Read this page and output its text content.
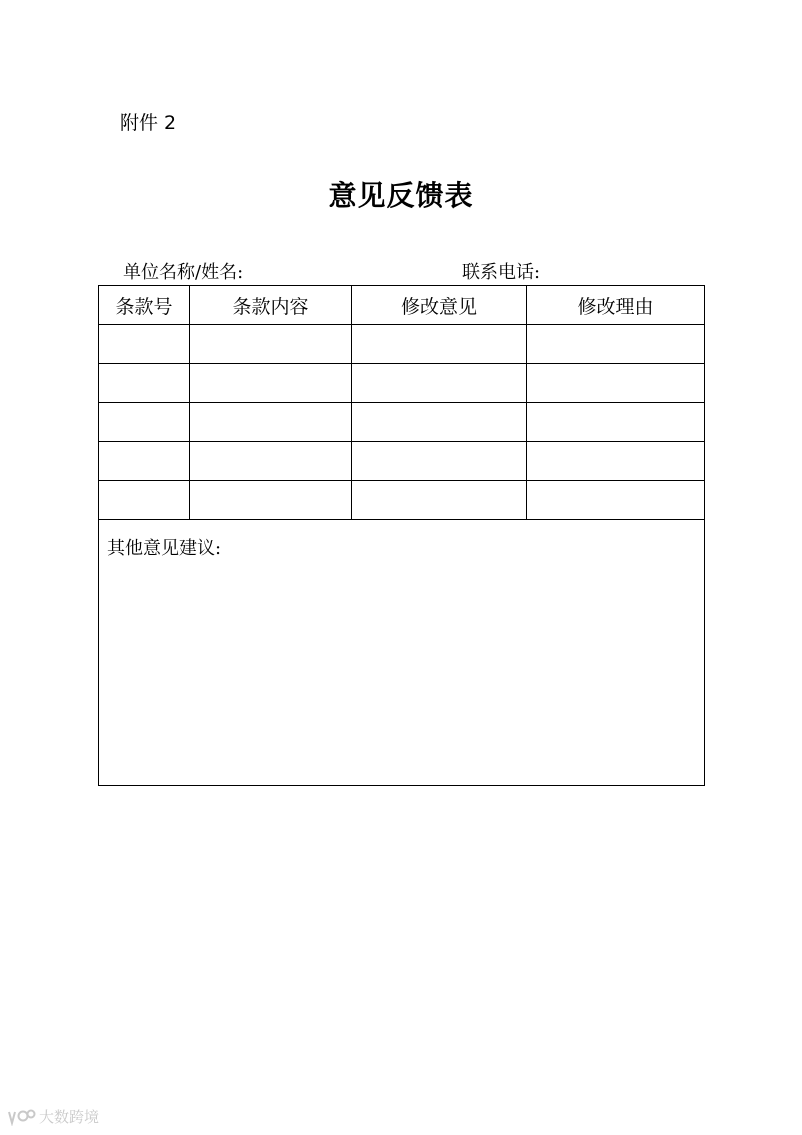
附件 2
意见反馈表
单位名称/姓名:	联系电话:
条款号	条款内容	修改意见	修改理由

其他意见建议:			
大数跨境
